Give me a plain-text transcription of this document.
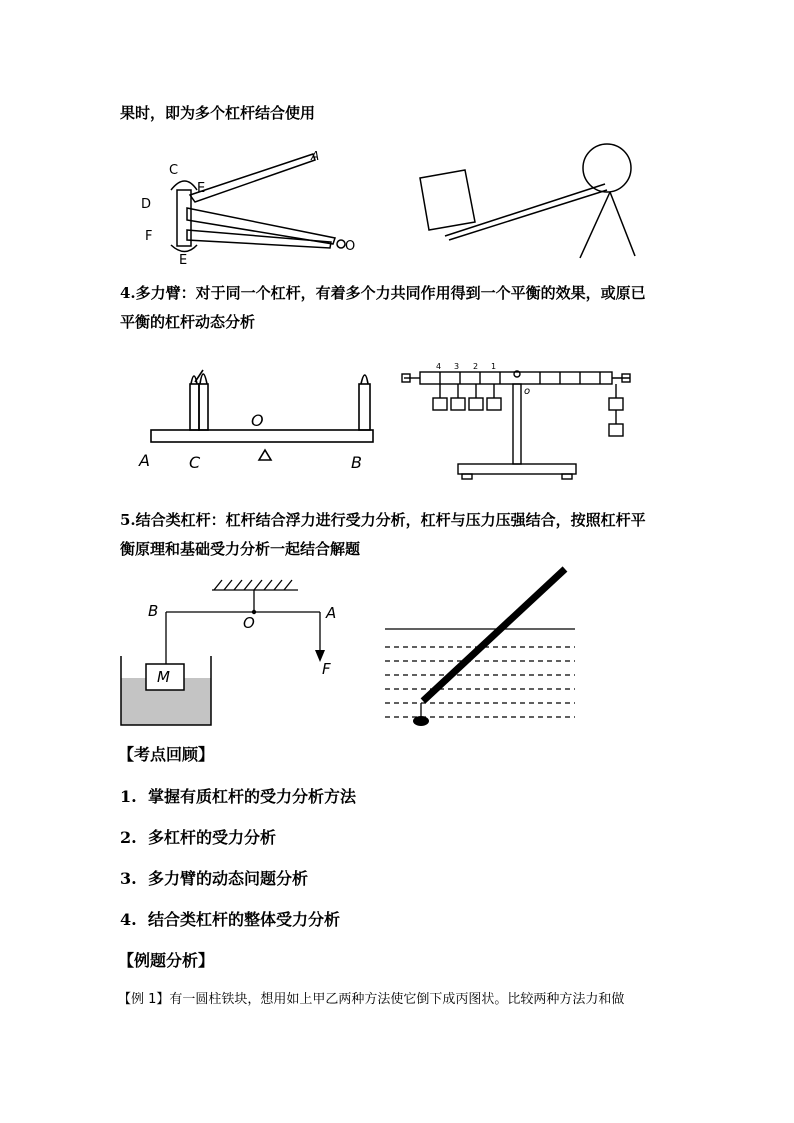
果时，即为多个杠杆结合使用
A
C
E
D
F
E
O
4.多力臂：对于同一个杠杆，有着多个力共同作用得到一个平衡的效果，或原已
平衡的杠杆动态分析
O
A C	B
4 3 2 1
o
5.结合类杠杆：杠杆结合浮力进行受力分析，杠杆与压力压强结合，按照杠杆平
衡原理和基础受力分析一起结合解题
B
O
A
F
M
【考点回顾】
1. 掌握有质杠杆的受力分析方法
2. 多杠杆的受力分析
3. 多力臂的动态问题分析
4. 结合类杠杆的整体受力分析
【例题分析】
【例 1】有一圆柱铁块，想用如上甲乙两种方法使它倒下成丙图状。比较两种方法力和做
